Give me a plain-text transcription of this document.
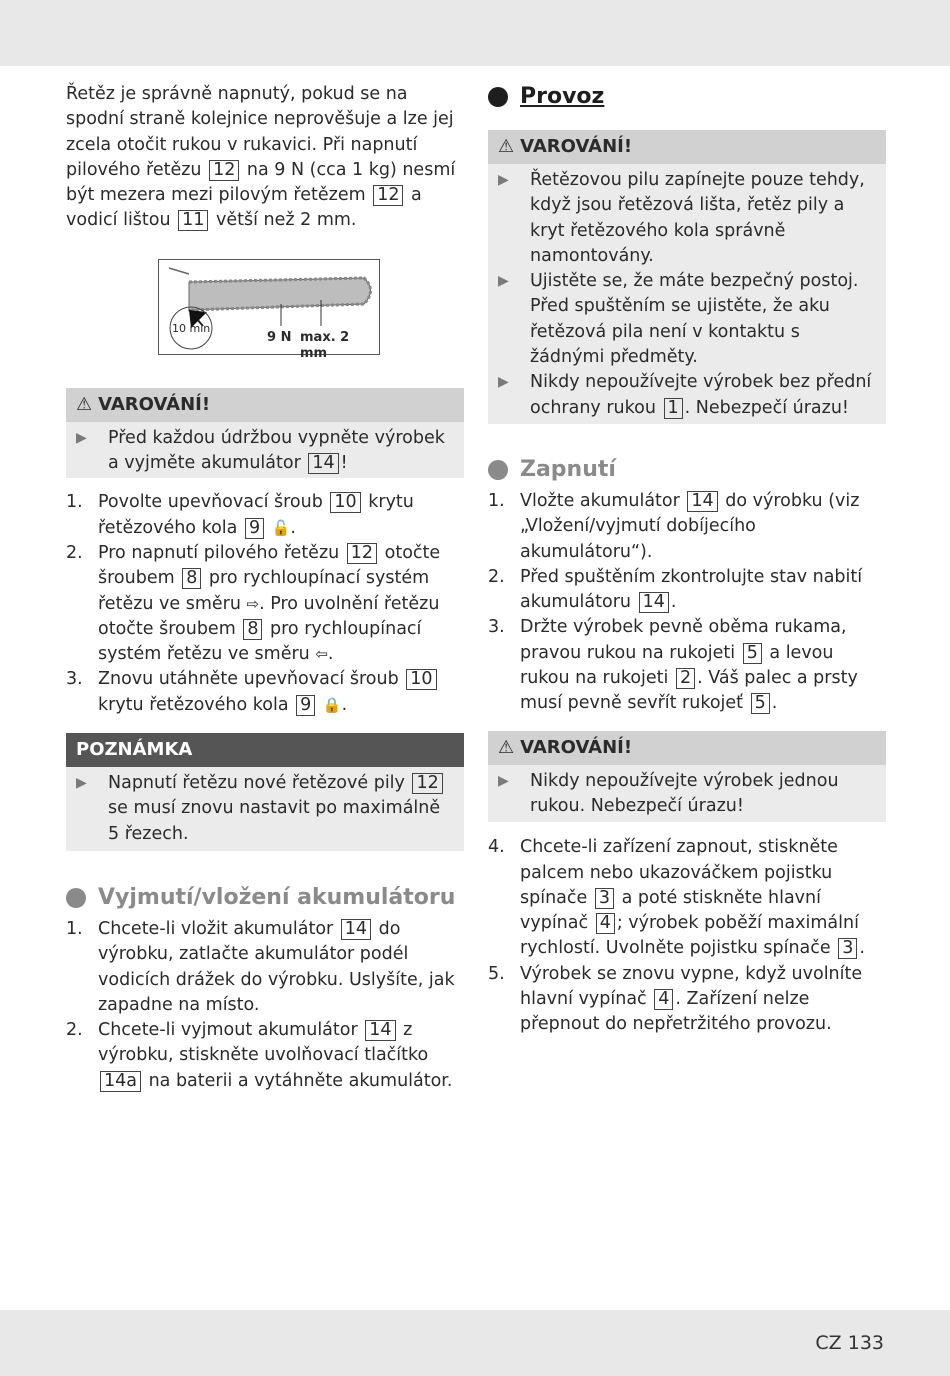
Řetěz je správně napnutý, pokud se na spodní straně kolejnice neprověšuje a lze jej zcela otočit rukou v rukavici. Při napnutí pilového řetězu 12 na 9 N (cca 1 kg) nesmí být mezera mezi pilovým řetězem 12 a vodicí lištou 11 větší než 2 mm.

10 min
9 N max. 2 mm
⚠ VAROVÁNÍ!
▶	Před každou údržbou vypněte výrobek a vyjměte akumulátor 14 !
1. Povolte upevňovací šroub 10 krytu řetězového kola 9 🔓.
2. Pro napnutí pilového řetězu 12 otočte šroubem 8 pro rychloupínací systém řetězu ve směru ⇨. Pro uvolnění řetězu otočte šroubem 8 pro rychloupínací systém řetězu ve směru ⇦.
3. Znovu utáhněte upevňovací šroub 10 krytu řetězového kola 9 🔒.
POZNÁMKA
▶	Napnutí řetězu nové řetězové pily 12 se musí znovu nastavit po maximálně 5 řezech.
Vyjmutí/vložení akumulátoru
1. Chcete-li vložit akumulátor 14 do výrobku, zatlačte akumulátor podél vodicích drážek do výrobku. Uslyšíte, jak zapadne na místo.
2. Chcete-li vyjmout akumulátor 14 z výrobku, stiskněte uvolňovací tlačítko 14a na baterii a vytáhněte akumulátor.
Provoz
⚠ VAROVÁNÍ!
▶	Řetězovou pilu zapínejte pouze tehdy, když jsou řetězová lišta, řetěz pily a kryt řetězového kola správně namontovány.
▶	Ujistěte se, že máte bezpečný postoj. Před spuštěním se ujistěte, že aku řetězová pila není v kontaktu s žádnými předměty.
▶	Nikdy nepoužívejte výrobek bez přední ochrany rukou 1 . Nebezpečí úrazu!
Zapnutí
1. Vložte akumulátor 14 do výrobku (viz „Vložení/vyjmutí dobíjecího akumulátoru“).
2. Před spuštěním zkontrolujte stav nabití akumulátoru 14 .
3. Držte výrobek pevně oběma rukama, pravou rukou na rukojeti 5 a levou rukou na rukojeti 2 . Váš palec a prsty musí pevně sevřít rukojeť 5 .
⚠ VAROVÁNÍ!
▶	Nikdy nepoužívejte výrobek jednou rukou. Nebezpečí úrazu!
4. Chcete-li zařízení zapnout, stiskněte palcem nebo ukazováčkem pojistku spínače 3 a poté stiskněte hlavní vypínač 4 ; výrobek poběží maximální rychlostí. Uvolněte pojistku spínače 3 .
5. Výrobek se znovu vypne, když uvolníte hlavní vypínač 4 . Zařízení nelze přepnout do nepřetržitého provozu.
CZ 133
